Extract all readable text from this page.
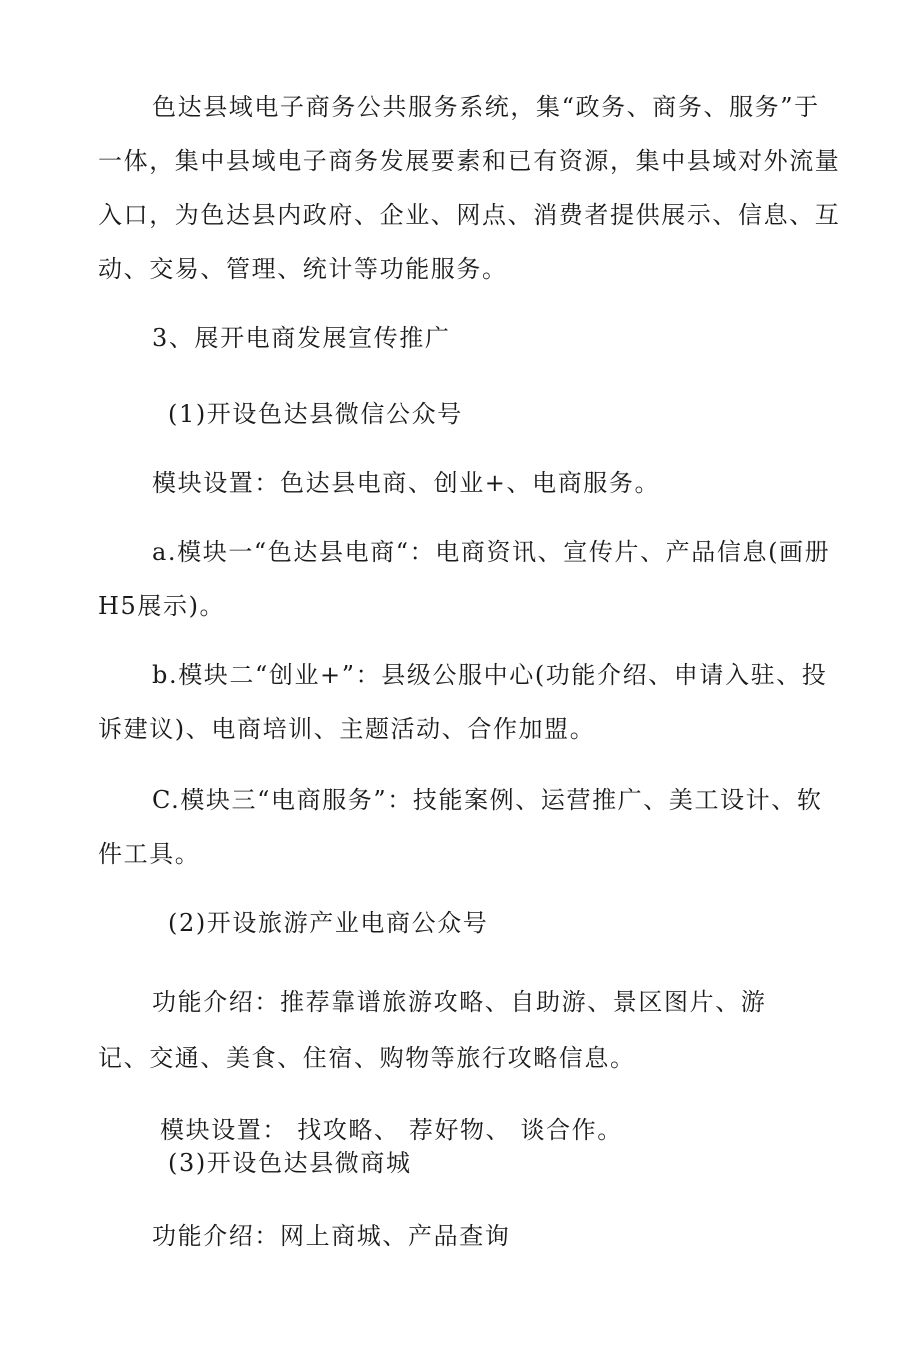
色达县域电子商务公共服务系统，集“政务、商务、服务”于
一体，集中县域电子商务发展要素和已有资源，集中县域对外流量
入口，为色达县内政府、企业、网点、消费者提供展示、信息、互
动、交易、管理、统计等功能服务。
3、展开电商发展宣传推广
(1)开设色达县微信公众号
模块设置：色达县电商、创业+、电商服务。
a.模块一“色达县电商“：电商资讯、宣传片、产品信息(画册
H5展示)。
b.模块二“创业+”：县级公服中心(功能介绍、申请入驻、投
诉建议)、电商培训、主题活动、合作加盟。
C.模块三“电商服务”：技能案例、运营推广、美工设计、软
件工具。
(2)开设旅游产业电商公众号
功能介绍：推荐靠谱旅游攻略、自助游、景区图片、游
记、交通、美食、住宿、购物等旅行攻略信息。
模块设置： 找攻略、 荐好物、 谈合作。
(3)开设色达县微商城
功能介绍：网上商城、产品查询
